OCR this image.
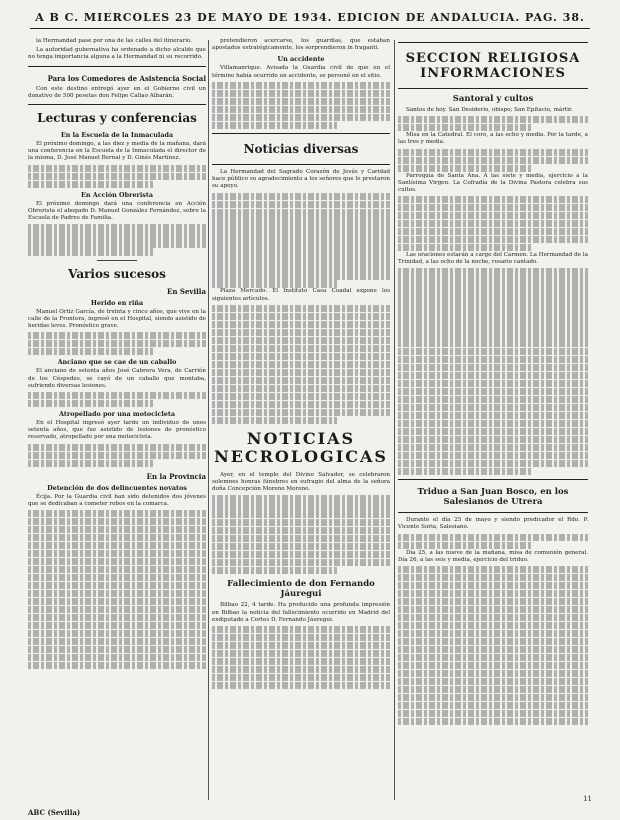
A B C. MIERCOLES 23 DE MAYO DE 1934. EDICION DE ANDALUCIA. PAG. 38.

la Hermandad pase por una de las calles del itinerario.

La autoridad gubernativa ha ordenado a dicho alcalde que no tenga importancia alguna a la Hermandad ni su recorrido.

Para los Comedores de Asistencia Social

Con este destino entregó ayer en el Gobierno civil un donativo de 500 pesetas don Felipe Callao Albarán.

Lecturas y conferencias
En la Escuela de la Inmaculada

El próximo domingo, a las diez y media de la mañana, dará una conferencia en la Escuela de la Inmaculada el director de la misma, D. José Manuel Bernal y D. Ginés Martínez.

En Acción Obrerista

El próximo domingo dará una conferencia en Acción Obrerista el abogado D. Manuel González Fernández, sobre la Escuela de Padres de Familia.

Varios sucesos
En Sevilla
Herido en riña

Manuel Ortiz García, de treinta y cinco años, que vive en la calle de la Frontera, ingresó en el Hospital, siendo asistido de heridas leves. Pronóstico grave.

Anciano que se cae de un caballo

El anciano de setenta años José Cabrera Vera, de Carrión de los Céspedes, se cayó de un caballo que montaba, sufriendo diversas lesiones.

Atropellado por una motocicleta

En el Hospital ingresó ayer tarde un individuo de unos setenta años, que fue asistido de lesiones de pronóstico reservado, atropellado por una motocicleta.

En la Provincia
Detención de dos delincuentes novatos

Écija. Por la Guardia civil han sido detenidos dos jóvenes que se dedicaban a cometer robos en la comarca.

pretendieron acercarse, los guardias, que estaban apostados estratégicamente, los sorprendieron in fraganti.

Un accidente

Villamanrique. Avisada la Guardia civil de que en el término había ocurrido un accidente, se personó en el sitio.

Noticias diversas

La Hermandad del Sagrado Corazón de Jesús y Caridad hace público su agradecimiento a los señores que le prestaron su apoyo.

Plaza Mercado. El Instituto Casa Cuadal expone los siguientes artículos.

NOTICIAS NECROLOGICAS

Ayer, en el templo del Divino Salvador, se celebraron solemnes honras fúnebres en sufragio del alma de la señora doña Concepción Moreno Moreno.

Fallecimiento de don Fernando Jáuregui

Bilbao 22, 4 tarde. Ha producido una profunda impresión en Bilbao la noticia del fallecimiento ocurrido en Madrid del exdiputado a Cortes D. Fernando Jáuregui.

SECCION RELIGIOSA INFORMACIONES
Santoral y cultos

Santos de hoy. San Desiderio, obispo; San Epitacio, mártir.

Misa en la Catedral. El coro, a las ocho y media. Por la tarde, a las tres y media.

Parroquia de Santa Ana. A las siete y media, ejercicio a la Santísima Virgen. La Cofradía de la Divina Pastora celebra sus cultos.

Las oraciones estarán a cargo del Carmen. La Hermandad de la Trinidad, a las ocho de la noche, rosario cantado.

Triduo a San Juan Bosco, en los Salesianos de Utrera

Durante el día 25 de mayo y siendo predicador el Rdo. P. Vicente Soria, Salesiano.

Día 25, a las nueve de la mañana, misa de comunión general. Día 26, a las seis y media, ejercicio del triduo.

11
ABC (Sevilla)
